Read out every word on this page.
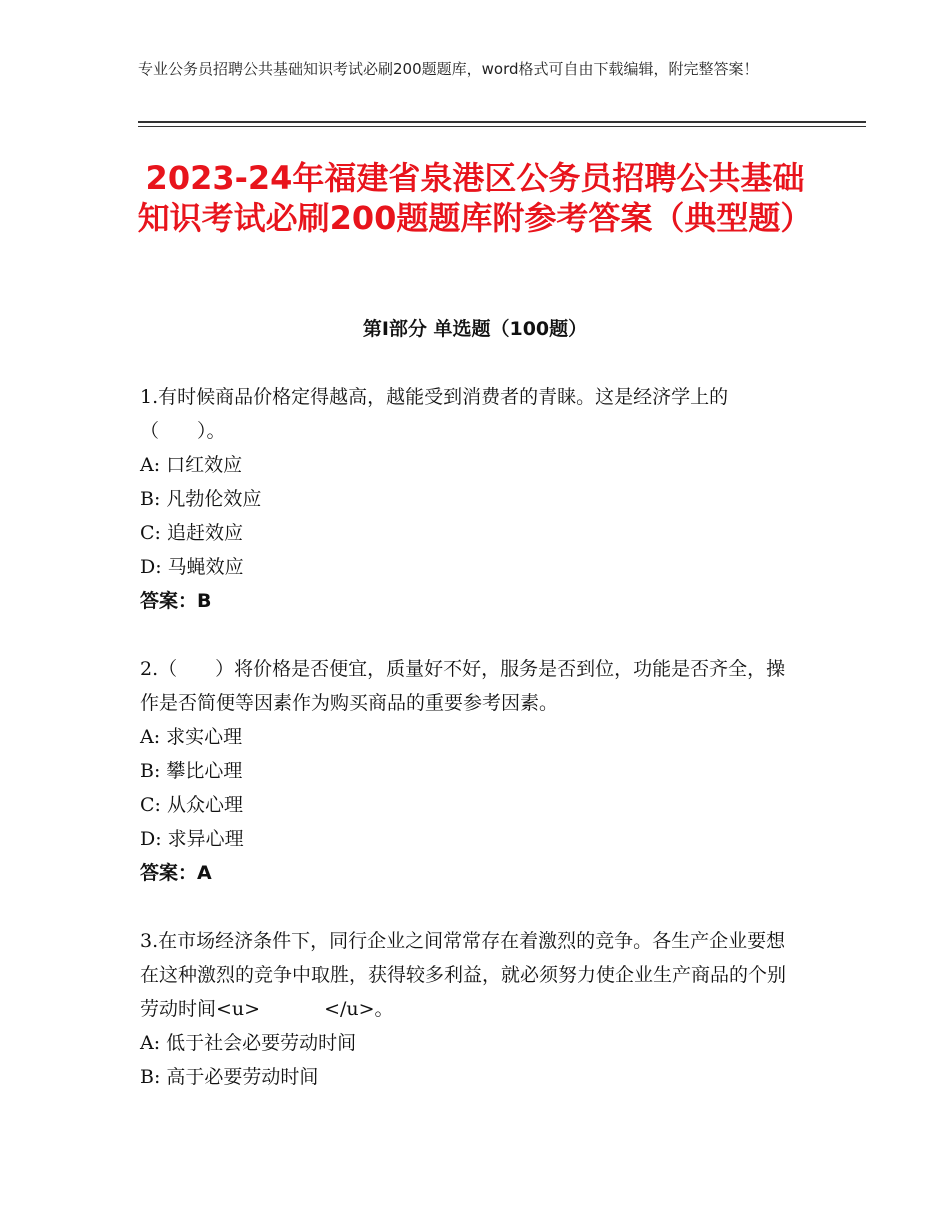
专业公务员招聘公共基础知识考试必刷200题题库，word格式可自由下载编辑，附完整答案！
2023-24年福建省泉港区公务员招聘公共基础知识考试必刷200题题库附参考答案（典型题）
第Ⅰ部分 单选题（100题）

1.有时候商品价格定得越高，越能受到消费者的青睐。这是经济学上的（　　）。

A: 口红效应

B: 凡勃伦效应

C: 追赶效应

D: 马蝇效应

答案：B

2.（　　）将价格是否便宜，质量好不好，服务是否到位，功能是否齐全，操作是否简便等因素作为购买商品的重要参考因素。

A: 求实心理

B: 攀比心理

C: 从众心理

D: 求异心理

答案：A

3.在市场经济条件下，同行企业之间常常存在着激烈的竞争。各生产企业要想在这种激烈的竞争中取胜，获得较多利益，就必须努力使企业生产商品的个别劳动时间<u>	</u>。

A: 低于社会必要劳动时间

B: 高于必要劳动时间
